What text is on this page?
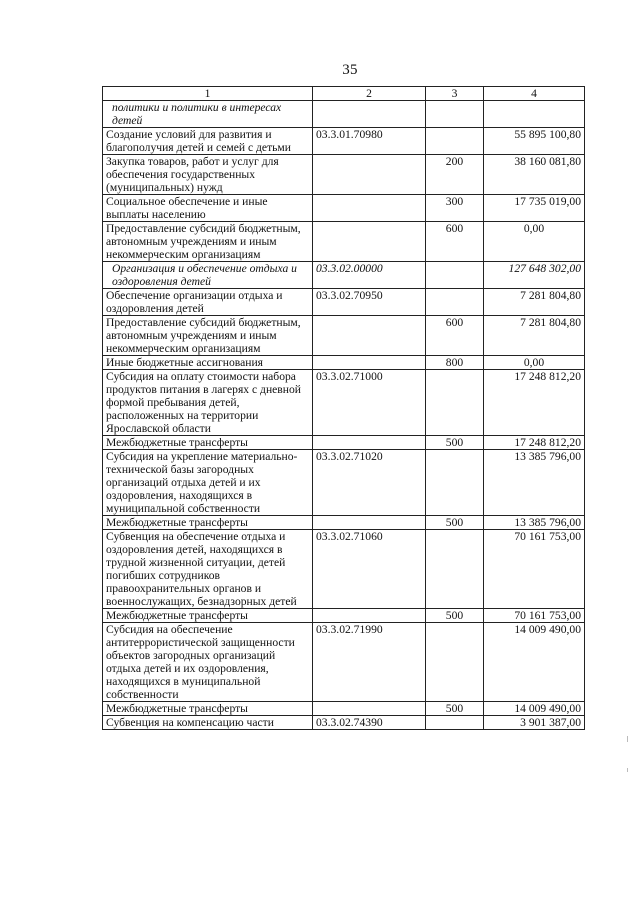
35
1	2	3	4
политики и политики в интересах детей			
Создание условий для развития и благополучия детей и семей с детьми	03.3.01.70980		55 895 100,80
Закупка товаров, работ и услуг для обеспечения государственных (муниципальных) нужд		200	38 160 081,80
Социальное обеспечение и иные выплаты населению		300	17 735 019,00
Предоставление субсидий бюджетным, автономным учреждениям и иным некоммерческим организациям		600	0,00
Организация и обеспечение отдыха и оздоровления детей	03.3.02.00000		127 648 302,00
Обеспечение организации отдыха и оздоровления детей	03.3.02.70950		7 281 804,80
Предоставление субсидий бюджетным, автономным учреждениям и иным некоммерческим организациям		600	7 281 804,80
Иные бюджетные ассигнования		800	0,00
Субсидия на оплату стоимости набора продуктов питания в лагерях с дневной формой пребывания детей, расположенных на территории Ярославской области	03.3.02.71000		17 248 812,20
Межбюджетные трансферты		500	17 248 812,20
Субсидия на укрепление материально-технической базы загородных организаций отдыха детей и их оздоровления, находящихся в муниципальной собственности	03.3.02.71020		13 385 796,00
Межбюджетные трансферты		500	13 385 796,00
Субвенция на обеспечение отдыха и оздоровления детей, находящихся в трудной жизненной ситуации, детей погибших сотрудников правоохранительных органов и военнослужащих, безнадзорных детей	03.3.02.71060		70 161 753,00
Межбюджетные трансферты		500	70 161 753,00
Субсидия на обеспечение антитеррористической защищенности объектов загородных организаций отдыха детей и их оздоровления, находящихся в муниципальной собственности	03.3.02.71990		14 009 490,00
Межбюджетные трансферты		500	14 009 490,00
Субвенция на компенсацию части	03.3.02.74390		3 901 387,00
